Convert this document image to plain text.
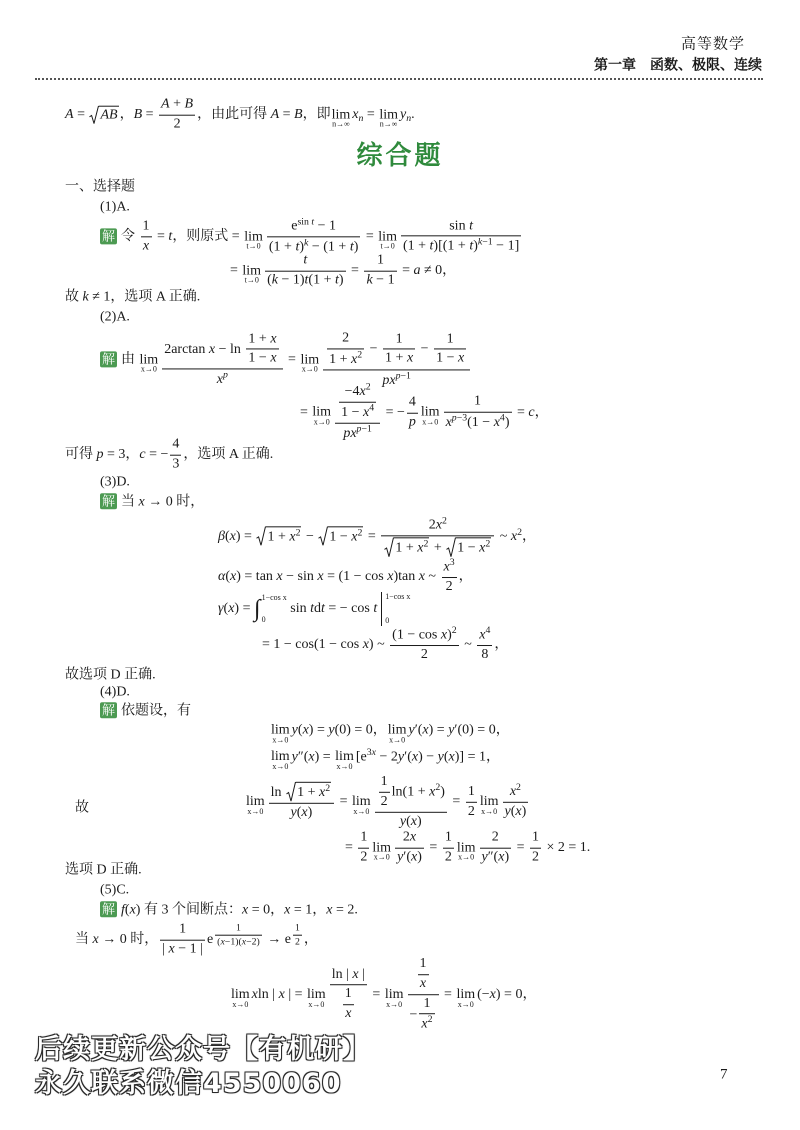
高等数学
第一章 函数、极限、连续
A =
AB ，$B = \frac{A + B}{2}$ ，由此可得 A = B，即lim
n→∞
$x_n = \lim$
n→∞
$y_n$.
综合题
一、选择题
(1)A.
解 令 $\frac{1}{x} = t$，则原式 = lim
$t\to 0 \frac{e^{sin t} - 1}{(1 + t)^k - (1 + t)} = \lim$
$t\to 0 \frac{\text{sin t}}{(1 + t)[(1 + t)^{k-1} - 1]}$
= lim
$t\to 0 \frac{t}{(k - 1)t(1 + t)} = \frac{1}{k - 1} = a \ne 0$，
故 k ≠ 1，选项 A 正确.
(2)A.
解 由 lim
$x\to 0 \frac{2\arctan x - \ln \frac{1 + x}{1 - x}}{x^p} = \lim$
$x\to 0 \frac{\frac{2}{1 + x^2} - \frac{1}{1 + x} - \frac{1}{1 - x}}{px^{p-1}}$
= lim
$x\to 0 \frac{\frac{-4x^2}{1 - x^4}}{px^{p-1}}$ = − $\frac{4}{p}$ lim
$x\to 0 \frac{1}{x^{p-3}(1 - x^4)} = c$，
可得 p = 3，c = − $\frac{4}{3}$ ，选项 A 正确.
(3)D.
解 当 x → 0 时，
β(x) =
$1 + x^2$ −
$1 - x^2 = 2x^2$
$1 + x^2$ +
$1 - x^2$ ~ $x^2$，
α(x) = tan x − sin x = (1 − cos x)tan x ~ $\frac{x^3}{2}$ ，
γ(x) = ∫ 1−cos x
0
sin tdt = − cos t
1−cos x
0
= 1 − cos(1 − cos x) ~ $\frac{(1 - \cos x)^2}{2}$ ~ $\frac{x^4}{8}$ ，
故选项 D 正确.
(4)D.
解 依题设，有
lim
x→0
y(x) = y(0) = 0，lim
x→0
y′(x) = y′(0) = 0，
lim
x→0
y″(x) = lim
x→0
$[e^{3x} - 2y'(x) - y(x)] = 1$，
故	lim
x→0 ln
$1 + x^2$
y(x) = lim
$x\to 0 \frac{\frac{1}{2} \ln(1 + x^2)}{y(x)} = \frac{1}{2}$ lim
$x\to 0 \frac{x^2}{y(x)}$
= $\frac{1}{2}$ lim
$x\to 0 \frac{2x}{y'(x)} = \frac{1}{2}$ lim
$x\to 0 \frac{2}{y''(x)} = \frac{1}{2} \times 2 = 1$.
选项 D 正确.
(5)C.
解 f(x) 有 3 个间断点：x = 0，x = 1，x = 2.
当 x → 0 时， $\frac{1}{| x - 1 |}$ e $^{\frac{1}{(x-1)(x-2)}}$ → e $^{\frac{1}{2}}$ ，
lim
x→0
xln | x | = lim
$x\to 0 \frac{\ln | x |}{\frac{1}{x}} = \lim$
$x\to 0 \frac{\frac{1}{x}}{- \frac{1}{x^2}} = \lim$
x→0
(−x) = 0，
后续更新公众号【有机研】
永久联系微信4550060	7
